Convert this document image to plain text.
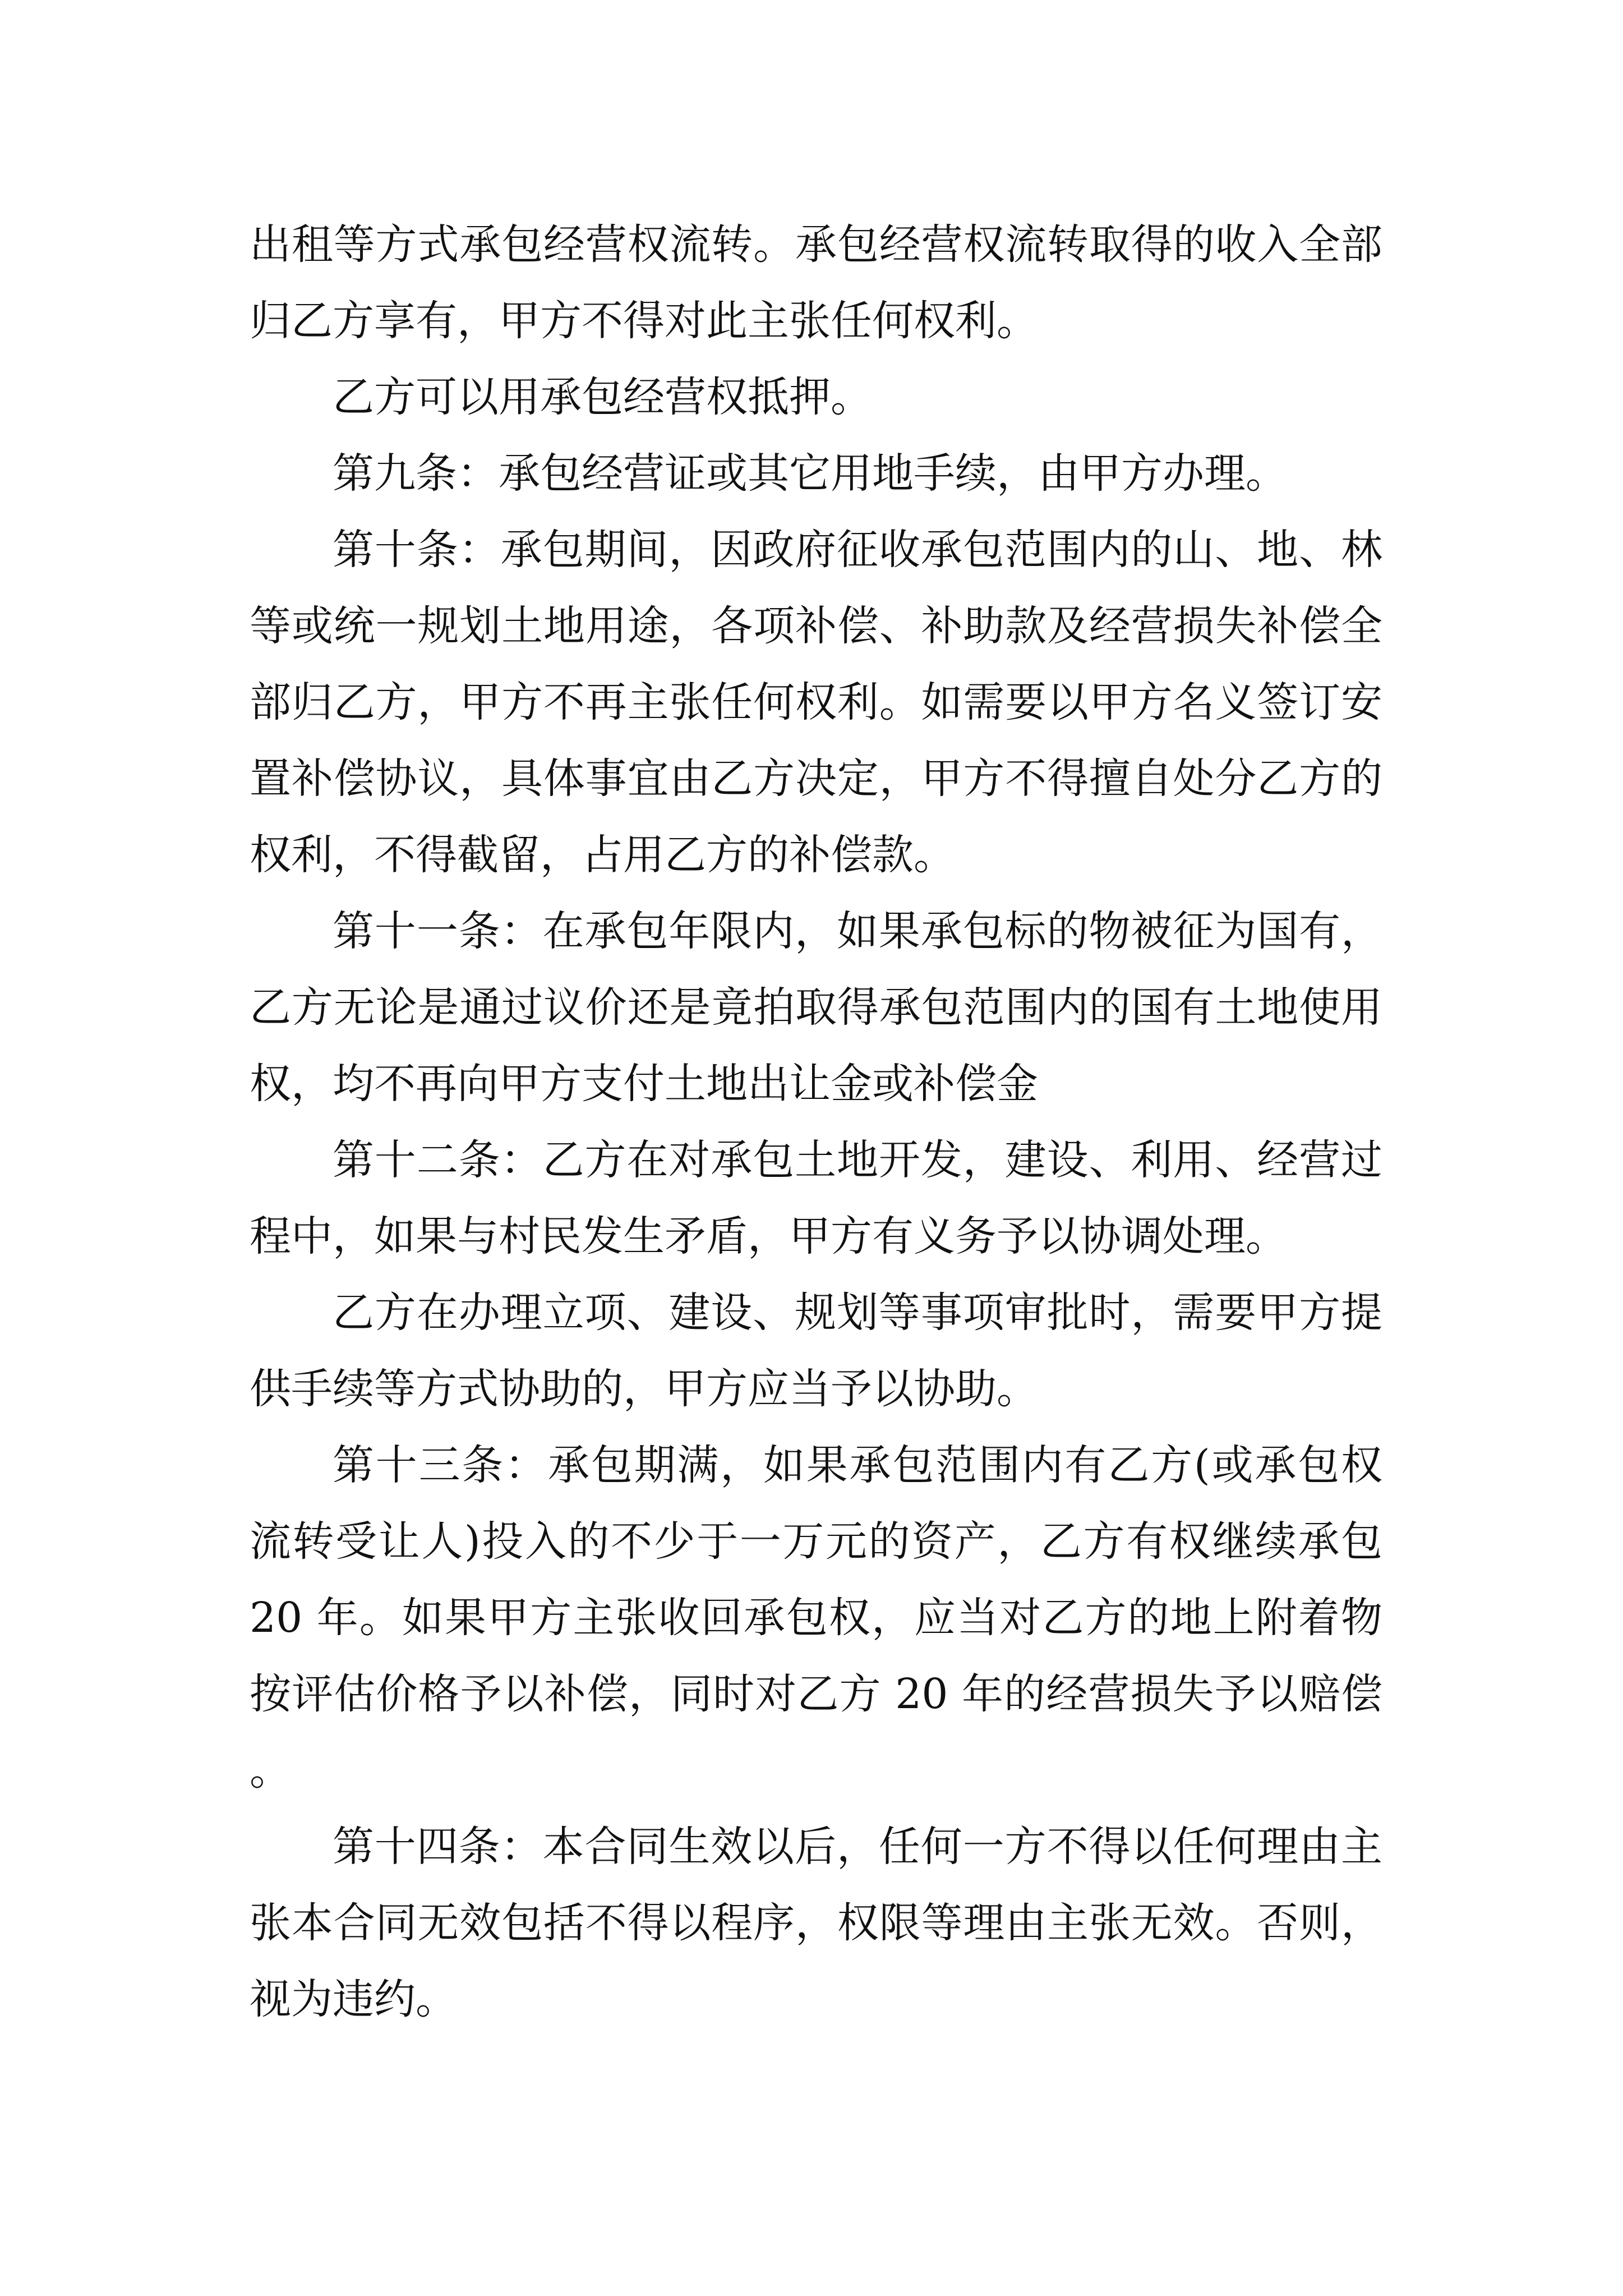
出租等方式承包经营权流转。承包经营权流转取得的收入全部归乙方享有，甲方不得对此主张任何权利。

乙方可以用承包经营权抵押。

第九条：承包经营证或其它用地手续，由甲方办理。

第十条：承包期间，因政府征收承包范围内的山、地、林等或统一规划土地用途，各项补偿、补助款及经营损失补偿全部归乙方，甲方不再主张任何权利。如需要以甲方名义签订安置补偿协议，具体事宜由乙方决定，甲方不得擅自处分乙方的权利，不得截留，占用乙方的补偿款。

第十一条：在承包年限内，如果承包标的物被征为国有，乙方无论是通过议价还是竟拍取得承包范围内的国有土地使用权，均不再向甲方支付土地出让金或补偿金

第十二条：乙方在对承包土地开发，建设、利用、经营过程中，如果与村民发生矛盾，甲方有义务予以协调处理。

乙方在办理立项、建设、规划等事项审批时，需要甲方提供手续等方式协助的，甲方应当予以协助。

第十三条：承包期满，如果承包范围内有乙方(或承包权流转受让人)投入的不少于一万元的资产，乙方有权继续承包 20 年。如果甲方主张收回承包权，应当对乙方的地上附着物按评估价格予以补偿，同时对乙方 20 年的经营损失予以赔偿。

第十四条：本合同生效以后，任何一方不得以任何理由主张本合同无效包括不得以程序，权限等理由主张无效。否则，视为违约。
